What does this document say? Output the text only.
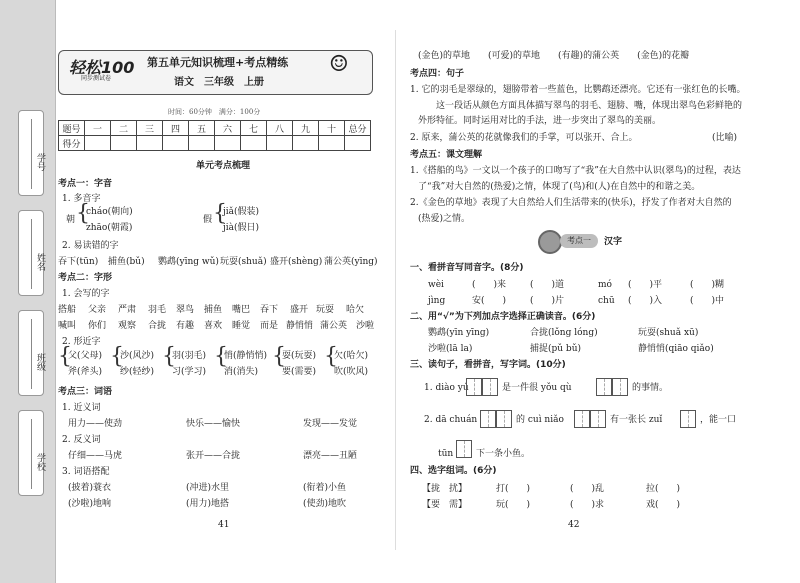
学号
姓名
班级
学校
轻松100
同步测试卷
第五单元知识梳理+考点精练
语文　三年级　上册
☺
时间：60分钟　满分：100分
题号	一	二	三	四	五	六	七	八	九	十	总分
得分											
单元考点梳理
考点一：字音
1. 多音字
朝 {
cháo(朝向)
zhāo(朝霞)
假 {
jiǎ(假装)
jià(假日)
2. 易读错的字
吞下(tūn) 捕鱼(bǔ) 鹦鹉(yīng wǔ) 玩耍(shuǎ) 盛开(shèng) 蒲公英(yīng)
考点二：字形
1. 会写的字
搭船 父亲 严肃 羽毛 翠鸟 捕鱼 嘴巴 吞下 盛开 玩耍 哈欠
喊叫 你们 观察 合拢 有趣 喜欢 睡觉 而是 静悄悄 蒲公英 沙啦
2. 形近字
{
父(父母)
斧(斧头)
{
沙(风沙)
纱(轻纱)
{
羽(羽毛)
习(学习)
{
悄(静悄悄)
消(消失)
{
耍(玩耍)
要(需要)
{
欠(哈欠)
吹(吹风)
考点三：词语
1. 近义词
用力——使劲	快乐——愉快	发现——发觉
2. 反义词
仔细——马虎	张开——合拢	漂亮——丑陋
3. 词语搭配
(披着)蓑衣	(冲进)水里	(衔着)小鱼
(沙啦)地响	(用力)地搭	(使劲)地吹
41
(金色)的草地　　(可爱)的草地　　(有趣)的蒲公英　　(金色)的花瓣
考点四：句子
1. 它的羽毛是翠绿的，翅膀带着一些蓝色，比鹦鹉还漂亮。它还有一张红色的长嘴。
这一段话从颜色方面具体描写翠鸟的羽毛、翅膀、嘴，体现出翠鸟色彩鲜艳的
外形特征。同时运用对比的手法，进一步突出了翠鸟的美丽。
2. 原来，蒲公英的花就像我们的手掌，可以张开、合上。	(比喻)
考点五：课文理解
1.《搭船的鸟》一文以一个孩子的口吻写了“我”在大自然中认识(翠鸟)的过程，表达
了“我”对大自然的(热爱)之情，体现了(鸟)和(人)在自然中的和谐之美。
2.《金色的草地》表现了大自然给人们生活带来的(快乐)，抒发了作者对大自然的
(热爱)之情。
考点一	汉字
一、看拼音写同音字。(8分)
wèi	(　　)来	(　　)道	mó (　　)平	(　　)糊
jìng	安(　　)	(　　)片	chū (　　)入	(　　)中
二、用“√”为下列加点字选择正确读音。(6分)
鹦鹉(yīn yīng)	合拢(lǒng lóng)	玩耍(shuǎ xū)
沙啦(lā la)	捕捉(pǔ bǔ)	静悄悄(qiāo qiǎo)
三、读句子，看拼音，写字词。(10分)
1. diào yú	是一件很 yǒu qù	的事情。
2. dā chuán	的 cuì niǎo	有一张长 zuǐ	，能一口
tūn	下一条小鱼。
四、选字组词。(6分)
【拢　扰】	打(　　)	(　　)乱	拉(　　)
【要　需】	玩(　　)	(　　)求	戏(　　)
42
